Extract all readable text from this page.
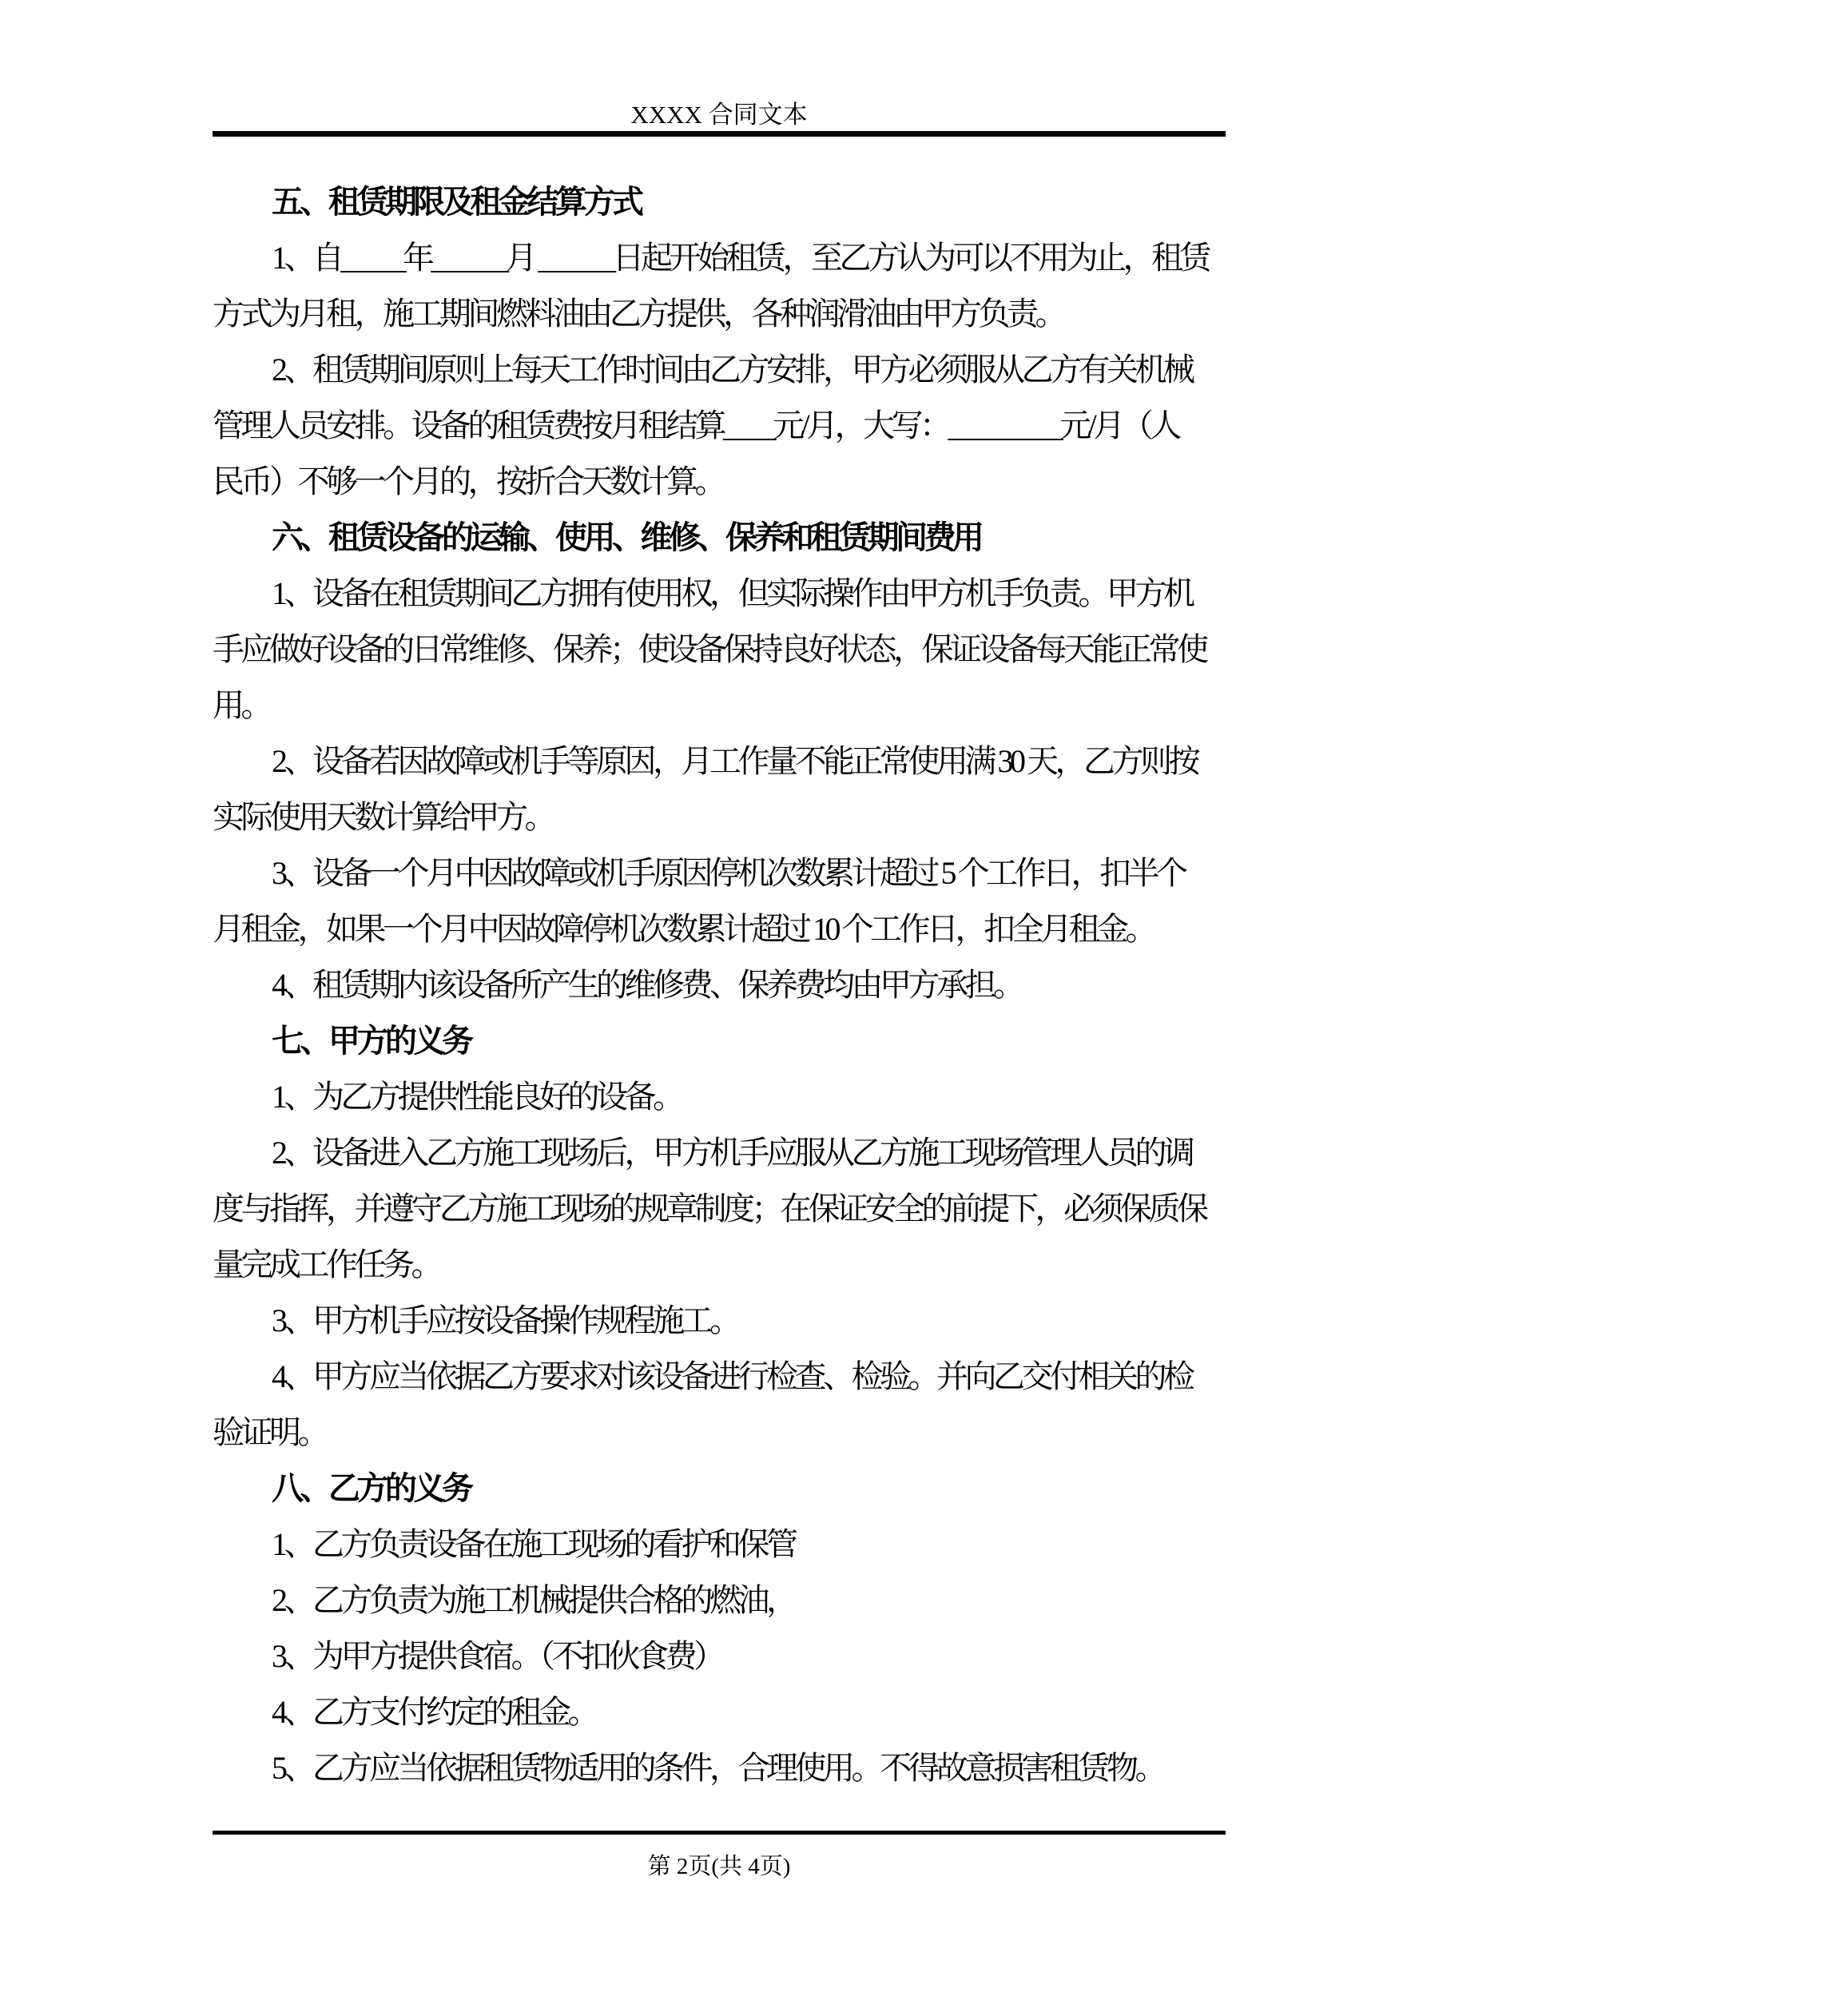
XXXX 合同文本

五、租赁期限及租金结算方式

1、自_____年______月 ______日起开始租赁，至乙方认为可以不用为止，租赁

方式为月租，施工期间燃料油由乙方提供，各种润滑油由甲方负责。

2、租赁期间原则上每天工作时间由乙方安排，甲方必须服从乙方有关机械

管理人员安排。设备的租赁费按月租结算____元/月，大写：_________元/月（人

民币）不够一个月的，按折合天数计算。

六、租赁设备的运输、使用、维修、保养和租赁期间费用

1、设备在租赁期间乙方拥有使用权，但实际操作由甲方机手负责。甲方机

手应做好设备的日常维修、保养；使设备保持良好状态，保证设备每天能正常使

用。

2、设备若因故障或机手等原因，月工作量不能正常使用满 30 天，乙方则按

实际使用天数计算给甲方。

3、设备一个月中因故障或机手原因停机次数累计超过 5 个工作日，扣半个

月租金，如果一个月中因故障停机次数累计超过 10 个工作日，扣全月租金。

4、租赁期内该设备所产生的维修费、保养费均由甲方承担。

七、甲方的义务

1、为乙方提供性能良好的设备。

2、设备进入乙方施工现场后，甲方机手应服从乙方施工现场管理人员的调

度与指挥，并遵守乙方施工现场的规章制度；在保证安全的前提下，必须保质保

量完成工作任务。

3、甲方机手应按设备操作规程施工。

4、甲方应当依据乙方要求对该设备进行检查、检验。并向乙交付相关的检

验证明。

八、乙方的义务

1、乙方负责设备在施工现场的看护和保管

2、乙方负责为施工机械提供合格的燃油，

3、为甲方提供食宿。（不扣伙食费）

4、乙方支付约定的租金。

5、乙方应当依据租赁物适用的条件，合理使用。不得故意损害租赁物。

第 2页(共 4页)
